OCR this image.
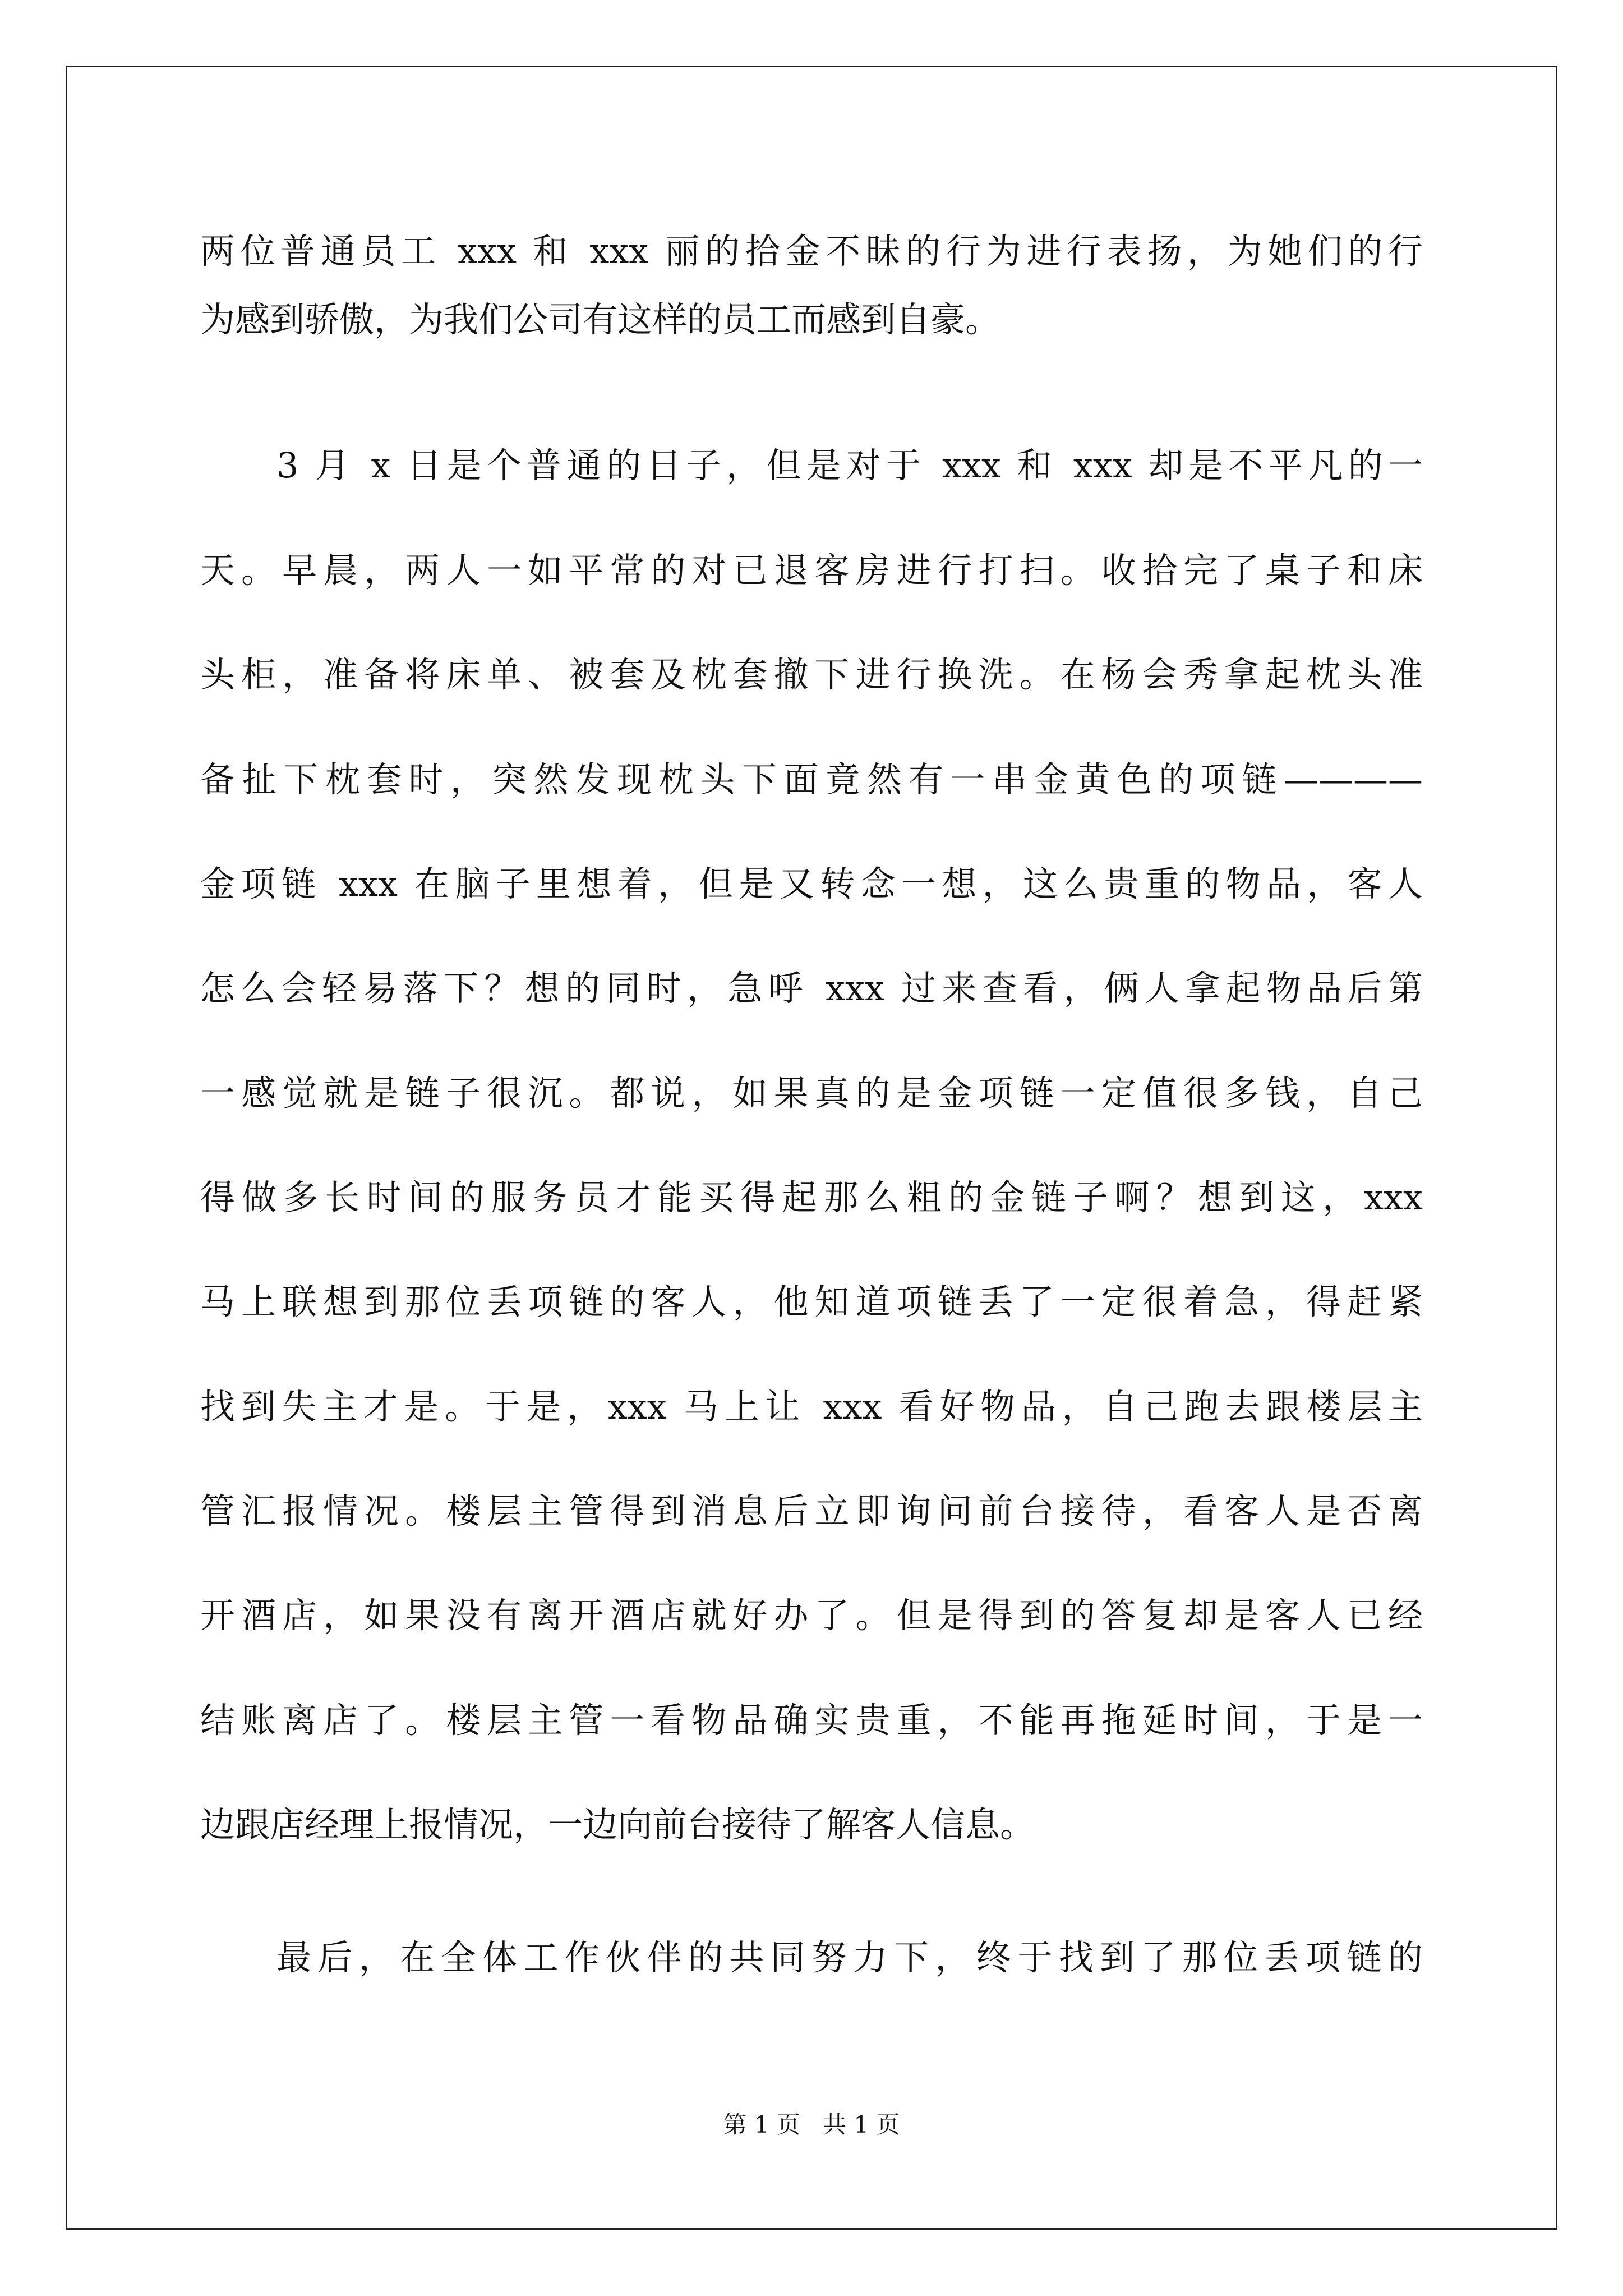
两位普通员工 xxx 和 xxx 丽的拾金不昧的行为进行表扬，为她们的行
为感到骄傲，为我们公司有这样的员工而感到自豪。
3 月 x 日是个普通的日子，但是对于 xxx 和 xxx 却是不平凡的一
天。早晨，两人一如平常的对已退客房进行打扫。收拾完了桌子和床
头柜，准备将床单、被套及枕套撤下进行换洗。在杨会秀拿起枕头准
备扯下枕套时，突然发现枕头下面竟然有一串金黄色的项链————
金项链 xxx 在脑子里想着，但是又转念一想，这么贵重的物品，客人
怎么会轻易落下？想的同时，急呼 xxx 过来查看，俩人拿起物品后第
一感觉就是链子很沉。都说，如果真的是金项链一定值很多钱，自己
得做多长时间的服务员才能买得起那么粗的金链子啊？想到这，xxx
马上联想到那位丢项链的客人，他知道项链丢了一定很着急，得赶紧
找到失主才是。于是，xxx 马上让 xxx 看好物品，自己跑去跟楼层主
管汇报情况。楼层主管得到消息后立即询问前台接待，看客人是否离
开酒店，如果没有离开酒店就好办了。但是得到的答复却是客人已经
结账离店了。楼层主管一看物品确实贵重，不能再拖延时间，于是一
边跟店经理上报情况，一边向前台接待了解客人信息。
最后，在全体工作伙伴的共同努力下，终于找到了那位丢项链的
第 1 页   共 1 页
